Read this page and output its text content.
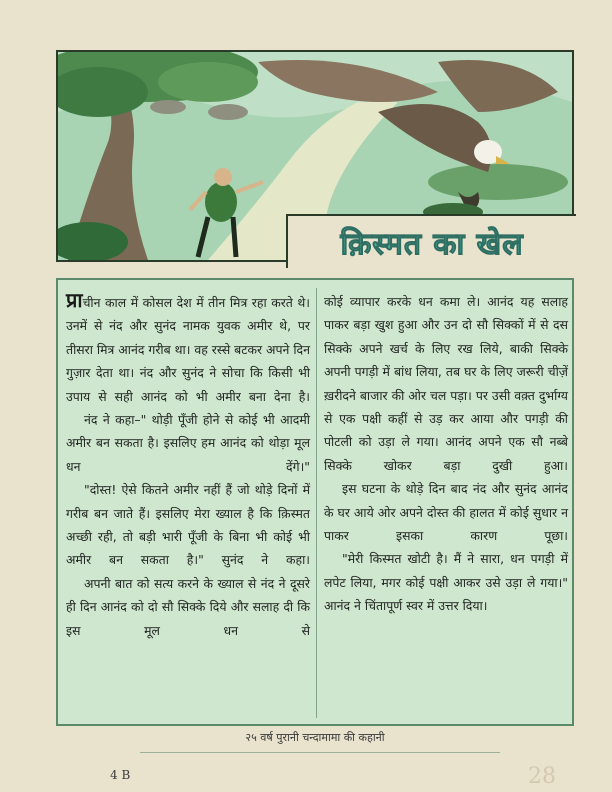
क़िस्मत का खेल

प्राचीन काल में कोसल देश में तीन मित्र रहा करते थे। उनमें से नंद और सुनंद नामक युवक अमीर थे, पर तीसरा मित्र आनंद गरीब था। वह रस्से बटकर अपने दिन गुज़ार देता था। नंद और सुनंद ने सोचा कि किसी भी उपाय से सही आनंद को भी अमीर बना देना है।

नंद ने कहा–" थोड़ी पूँजी होने से कोई भी आदमी अमीर बन सकता है। इसलिए हम आनंद को थोड़ा मूल धन देंगे।"

"दोस्त! ऐसे कितने अमीर नहीं हैं जो थोड़े दिनों में गरीब बन जाते हैं। इसलिए मेरा ख्याल है कि क़िस्मत अच्छी रही, तो बड़ी भारी पूँजी के बिना भी कोई भी अमीर बन सकता है।" सुनंद ने कहा।

अपनी बात को सत्य करने के ख्याल से नंद ने दूसरे ही दिन आनंद को दो सौ सिक्के दिये और सलाह दी कि इस मूल धन से

कोई व्यापार करके धन कमा ले। आनंद यह सलाह पाकर बड़ा खुश हुआ और उन दो सौ सिक्कों में से दस सिक्के अपने खर्च के लिए रख लिये, बाकी सिक्के अपनी पगड़ी में बांध लिया, तब घर के लिए जरूरी चीज़ें ख़रीदने बाजार की ओर चल पड़ा। पर उसी वक़्त दुर्भाग्य से एक पक्षी कहीं से उड़ कर आया और पगड़ी की पोटली को उड़ा ले गया। आनंद अपने एक सौ नब्बे सिक्के खोकर बड़ा दुखी हुआ।

इस घटना के थोड़े दिन बाद नंद और सुनंद आनंद के घर आये ओर अपने दोस्त की हालत में कोई सुधार न पाकर इसका कारण पूछा।

"मेरी किस्मत खोटी है। मैं ने सारा, धन पगड़ी में लपेट लिया, मगर कोई पक्षी आकर उसे उड़ा ले गया।" आनंद ने चिंतापूर्ण स्वर में उत्तर दिया।

२५ वर्ष पुरानी चन्दामामा की कहानी
4 B	28
